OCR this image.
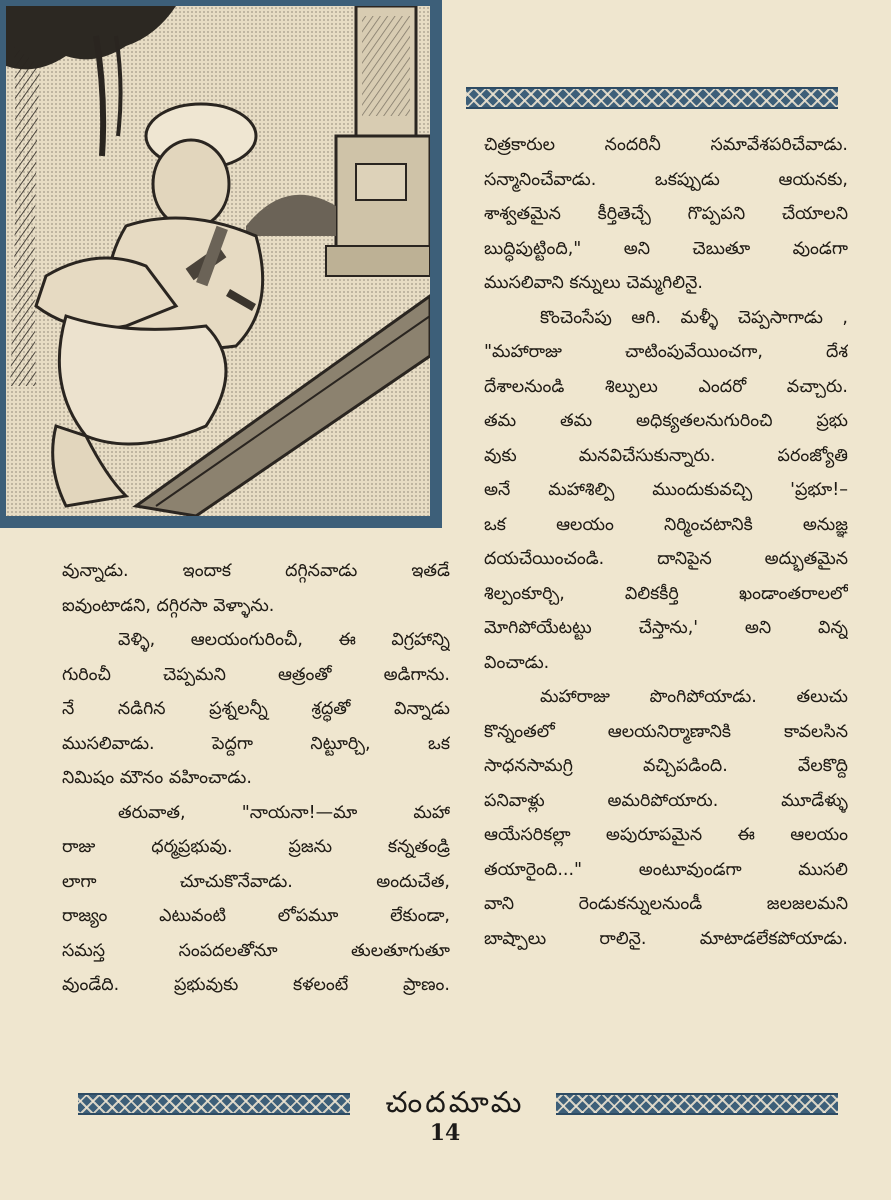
వున్నాడు. ఇందాక దగ్గినవాడు ఇతడే
ఐవుంటాడని, దగ్గిరసా వెళ్ళాను.

వెళ్ళి, ఆలయంగురించీ, ఈ విగ్రహాన్ని
గురించీ చెప్పమని ఆత్రంతో అడిగాను.
నే నడిగిన ప్రశ్నలన్నీ శ్రద్ధతో విన్నాడు
ముసలివాడు. పెద్దగా నిట్టూర్చి, ఒక
నిమిషం మౌనం వహించాడు.

తరువాత, "నాయనా!—మా మహా
రాజు ధర్మప్రభువు. ప్రజను కన్నతండ్రి
లాగా చూచుకొనేవాడు. అందుచేత,
రాజ్యం ఎటువంటి లోపమూ లేకుండా,
సమస్త సంపదలతోనూ తులతూగుతూ
వుండేది. ప్రభువుకు కళలంటే ప్రాణం.

చిత్రకారుల నందరినీ సమావేశపరిచేవాడు.
సన్మానించేవాడు. ఒకప్పుడు ఆయనకు,
శాశ్వతమైన కీర్తితెచ్చే గొప్పపని చేయాలని
బుద్ధిపుట్టింది," అని చెబుతూ వుండగా
ముసలివాని కన్నులు చెమ్మగిలినై.

కొంచెంసేపు ఆగి. మళ్ళీ చెప్పసాగాడు ,
"మహారాజు చాటింపువేయించగా, దేశ
దేశాలనుండి శిల్పులు ఎందరో వచ్చారు.
తమ తమ అధిక్యతలనుగురించి ప్రభు
వుకు మనవిచేసుకున్నారు. పరంజ్యోతి
అనే మహాశిల్పి ముందుకువచ్చి 'ప్రభూ!–
ఒక ఆలయం నిర్మించటానికి అనుజ్ఞ
దయచేయించండి. దానిపైన అద్భుతమైన
శిల్పంకూర్చి, విలికకీర్తి ఖండాంతరాలలో
మోగిపోయేటట్టు చేస్తాను,' అని విన్న
వించాడు.

మహారాజు పొంగిపోయాడు. తలుచు
కొన్నంతలో ఆలయనిర్మాణానికి కావలసిన
సాధనసామగ్రి వచ్చిపడింది. వేలకొద్ది
పనివాళ్లు అమరిపోయారు. మూడేళ్ళు
ఆయేసరికల్లా అపురూపమైన ఈ ఆలయం
తయారైంది..." అంటూవుండగా ముసలి
వాని రెండుకన్నులనుండీ జలజలమని
బాష్పాలు రాలినై. మాటాడలేకపోయాడు.

చందమామ
14
